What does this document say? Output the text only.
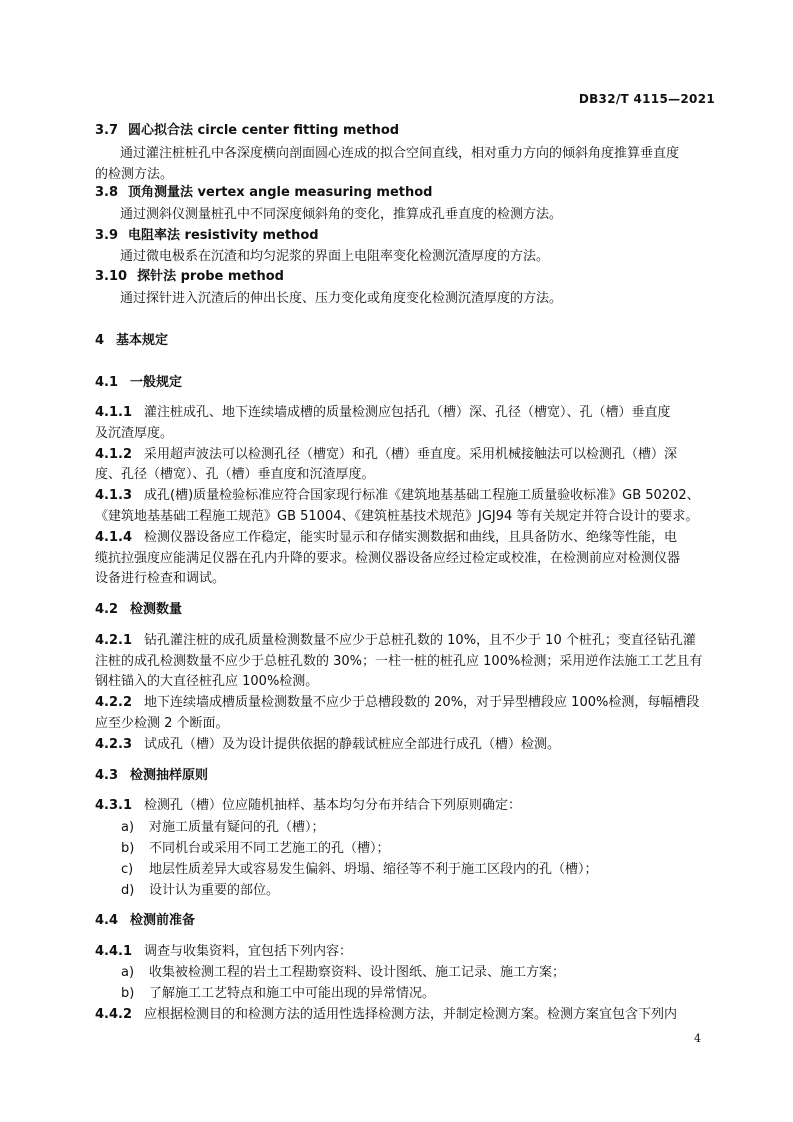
DB32/T 4115—2021
3.7 圆心拟合法 circle center fitting method
通过灌注桩桩孔中各深度横向剖面圆心连成的拟合空间直线，相对重力方向的倾斜角度推算垂直度
的检测方法。
3.8 顶角测量法 vertex angle measuring method
通过测斜仪测量桩孔中不同深度倾斜角的变化，推算成孔垂直度的检测方法。
3.9 电阻率法 resistivity method
通过微电极系在沉渣和均匀泥浆的界面上电阻率变化检测沉渣厚度的方法。
3.10 探针法 probe method
通过探针进入沉渣后的伸出长度、压力变化或角度变化检测沉渣厚度的方法。
4 基本规定
4.1 一般规定
4.1.1 灌注桩成孔、地下连续墙成槽的质量检测应包括孔（槽）深、孔径（槽宽）、孔（槽）垂直度
及沉渣厚度。
4.1.2 采用超声波法可以检测孔径（槽宽）和孔（槽）垂直度。采用机械接触法可以检测孔（槽）深
度、孔径（槽宽）、孔（槽）垂直度和沉渣厚度。
4.1.3 成孔(槽)质量检验标准应符合国家现行标准《建筑地基基础工程施工质量验收标准》GB 50202、
《建筑地基基础工程施工规范》GB 51004、《建筑桩基技术规范》JGJ94 等有关规定并符合设计的要求。
4.1.4 检测仪器设备应工作稳定，能实时显示和存储实测数据和曲线，且具备防水、绝缘等性能，电
缆抗拉强度应能满足仪器在孔内升降的要求。检测仪器设备应经过检定或校准，在检测前应对检测仪器
设备进行检查和调试。
4.2 检测数量
4.2.1 钻孔灌注桩的成孔质量检测数量不应少于总桩孔数的 10%，且不少于 10 个桩孔；变直径钻孔灌
注桩的成孔检测数量不应少于总桩孔数的 30%；一柱一桩的桩孔应 100%检测；采用逆作法施工工艺且有
钢柱锚入的大直径桩孔应 100%检测。
4.2.2 地下连续墙成槽质量检测数量不应少于总槽段数的 20%，对于异型槽段应 100%检测，每幅槽段
应至少检测 2 个断面。
4.2.3 试成孔（槽）及为设计提供依据的静载试桩应全部进行成孔（槽）检测。
4.3 检测抽样原则
4.3.1 检测孔（槽）位应随机抽样、基本均匀分布并结合下列原则确定：
a) 对施工质量有疑问的孔（槽）；
b) 不同机台或采用不同工艺施工的孔（槽）；
c) 地层性质差异大或容易发生偏斜、坍塌、缩径等不利于施工区段内的孔（槽）；
d) 设计认为重要的部位。
4.4 检测前准备
4.4.1 调查与收集资料，宜包括下列内容：
a) 收集被检测工程的岩土工程勘察资料、设计图纸、施工记录、施工方案；
b) 了解施工工艺特点和施工中可能出现的异常情况。
4.4.2 应根据检测目的和检测方法的适用性选择检测方法，并制定检测方案。检测方案宜包含下列内
4
